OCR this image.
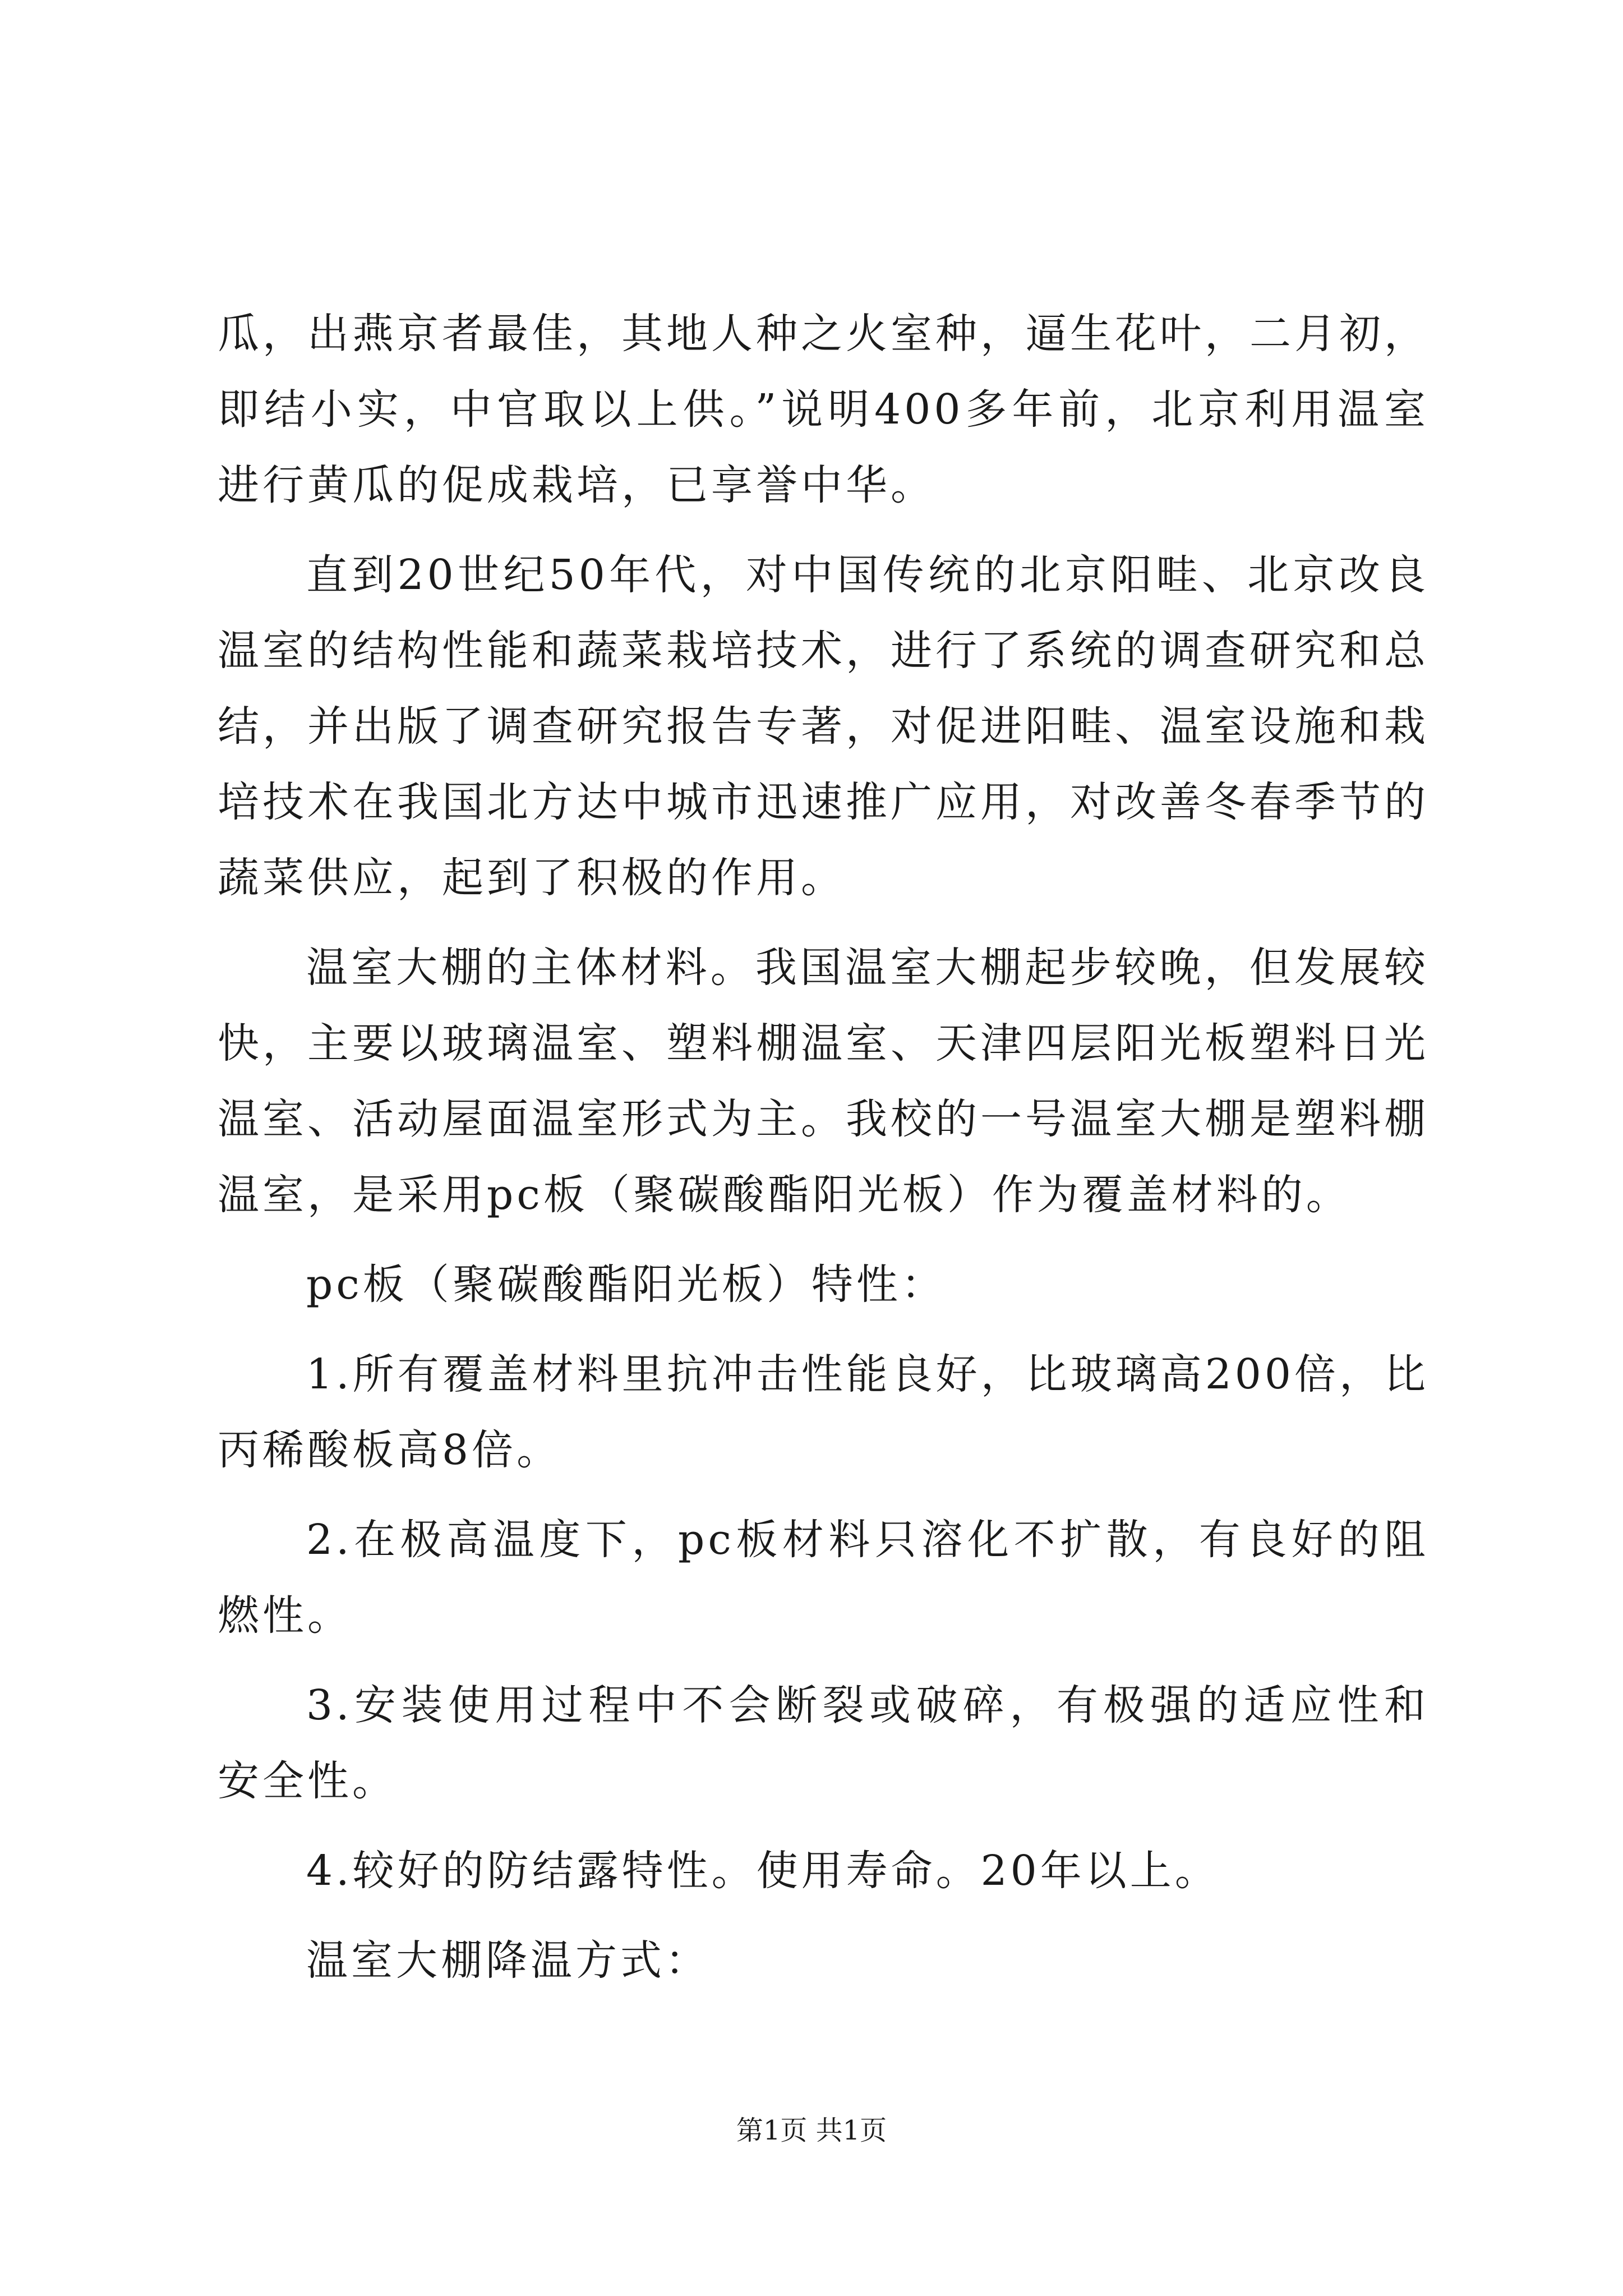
瓜，出燕京者最佳，其地人种之火室种，逼生花叶，二月初，即结小实，中官取以上供。”说明400多年前，北京利用温室进行黄瓜的促成栽培，已享誉中华。

直到20世纪50年代，对中国传统的北京阳畦、北京改良温室的结构性能和蔬菜栽培技术，进行了系统的调查研究和总结，并出版了调查研究报告专著，对促进阳畦、温室设施和栽培技术在我国北方达中城市迅速推广应用，对改善冬春季节的蔬菜供应，起到了积极的作用。

温室大棚的主体材料。我国温室大棚起步较晚，但发展较快，主要以玻璃温室、塑料棚温室、天津四层阳光板塑料日光温室、活动屋面温室形式为主。我校的一号温室大棚是塑料棚温室，是采用pc板（聚碳酸酯阳光板）作为覆盖材料的。

pc板（聚碳酸酯阳光板）特性：

1.所有覆盖材料里抗冲击性能良好，比玻璃高200倍，比丙稀酸板高8倍。

2.在极高温度下，pc板材料只溶化不扩散，有良好的阻燃性。

3.安装使用过程中不会断裂或破碎，有极强的适应性和安全性。

4.较好的防结露特性。使用寿命。20年以上。

温室大棚降温方式：

第1页 共1页
